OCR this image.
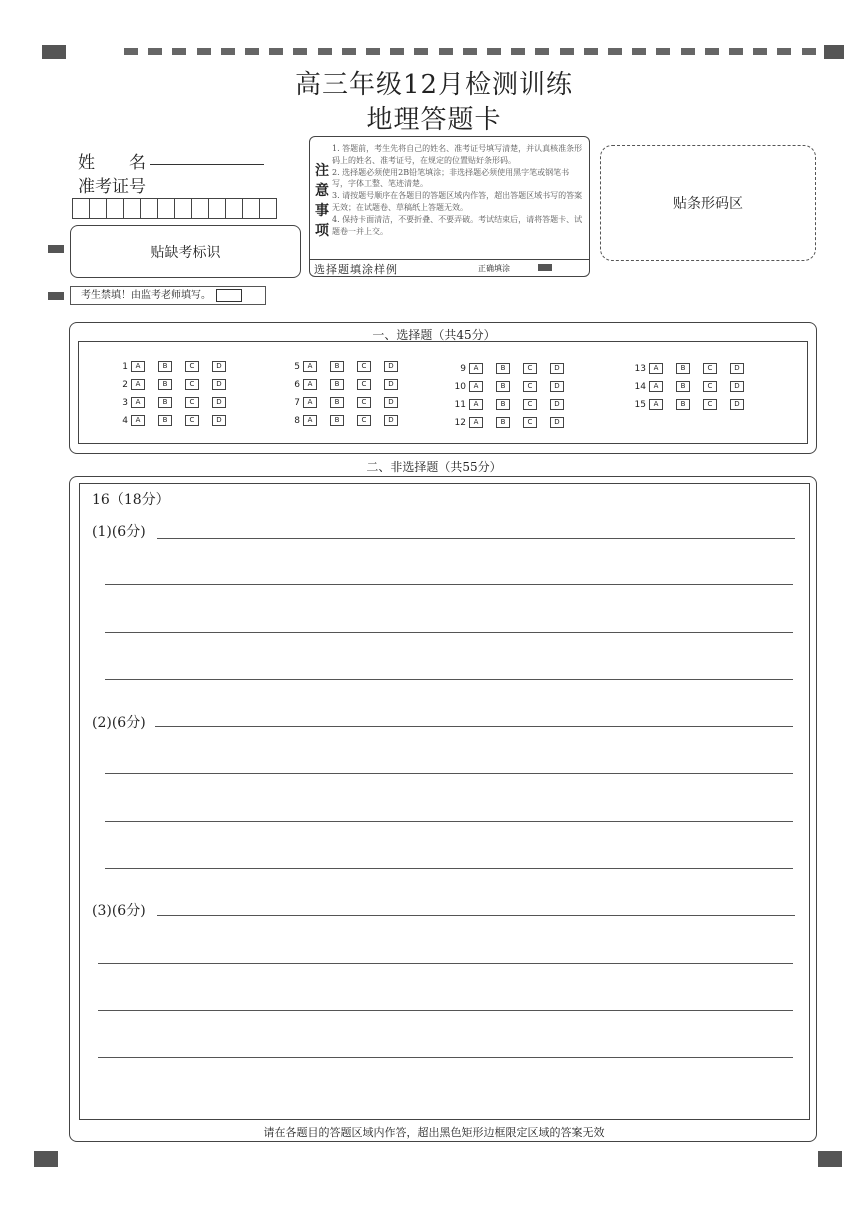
高三年级12月检测训练
地理答题卡
姓　　名
准考证号
贴缺考标识
考生禁填！由监考老师填写。
注
意
事
项
1. 答题前，考生先将自己的姓名、准考证号填写清楚，并认真核准条形码上的姓名、准考证号，在规定的位置贴好条形码。
2. 选择题必须使用2B铅笔填涂；非选择题必须使用黑字笔或钢笔书写，字体工整、笔迹清楚。
3. 请按题号顺序在各题目的答题区域内作答，超出答题区域书写的答案无效；在试题卷、草稿纸上答题无效。
4. 保持卡面清洁，不要折叠、不要弄破。考试结束后，请将答题卡、试题卷一并上交。
选择题填涂样例	正确填涂
贴条形码区
一、选择题（共45分）
1	A	B	C	D
2	A	B	C	D
3	A	B	C	D
4	A	B	C	D
5	A	B	C	D
6	A	B	C	D
7	A	B	C	D
8	A	B	C	D
9	A	B	C	D
10	A	B	C	D
11	A	B	C	D
12	A	B	C	D
13	A	B	C	D
14	A	B	C	D
15	A	B	C	D
二、非选择题（共55分）
16（18分）
(1)(6分)
(2)(6分)
(3)(6分)
请在各题目的答题区域内作答，超出黑色矩形边框限定区域的答案无效
